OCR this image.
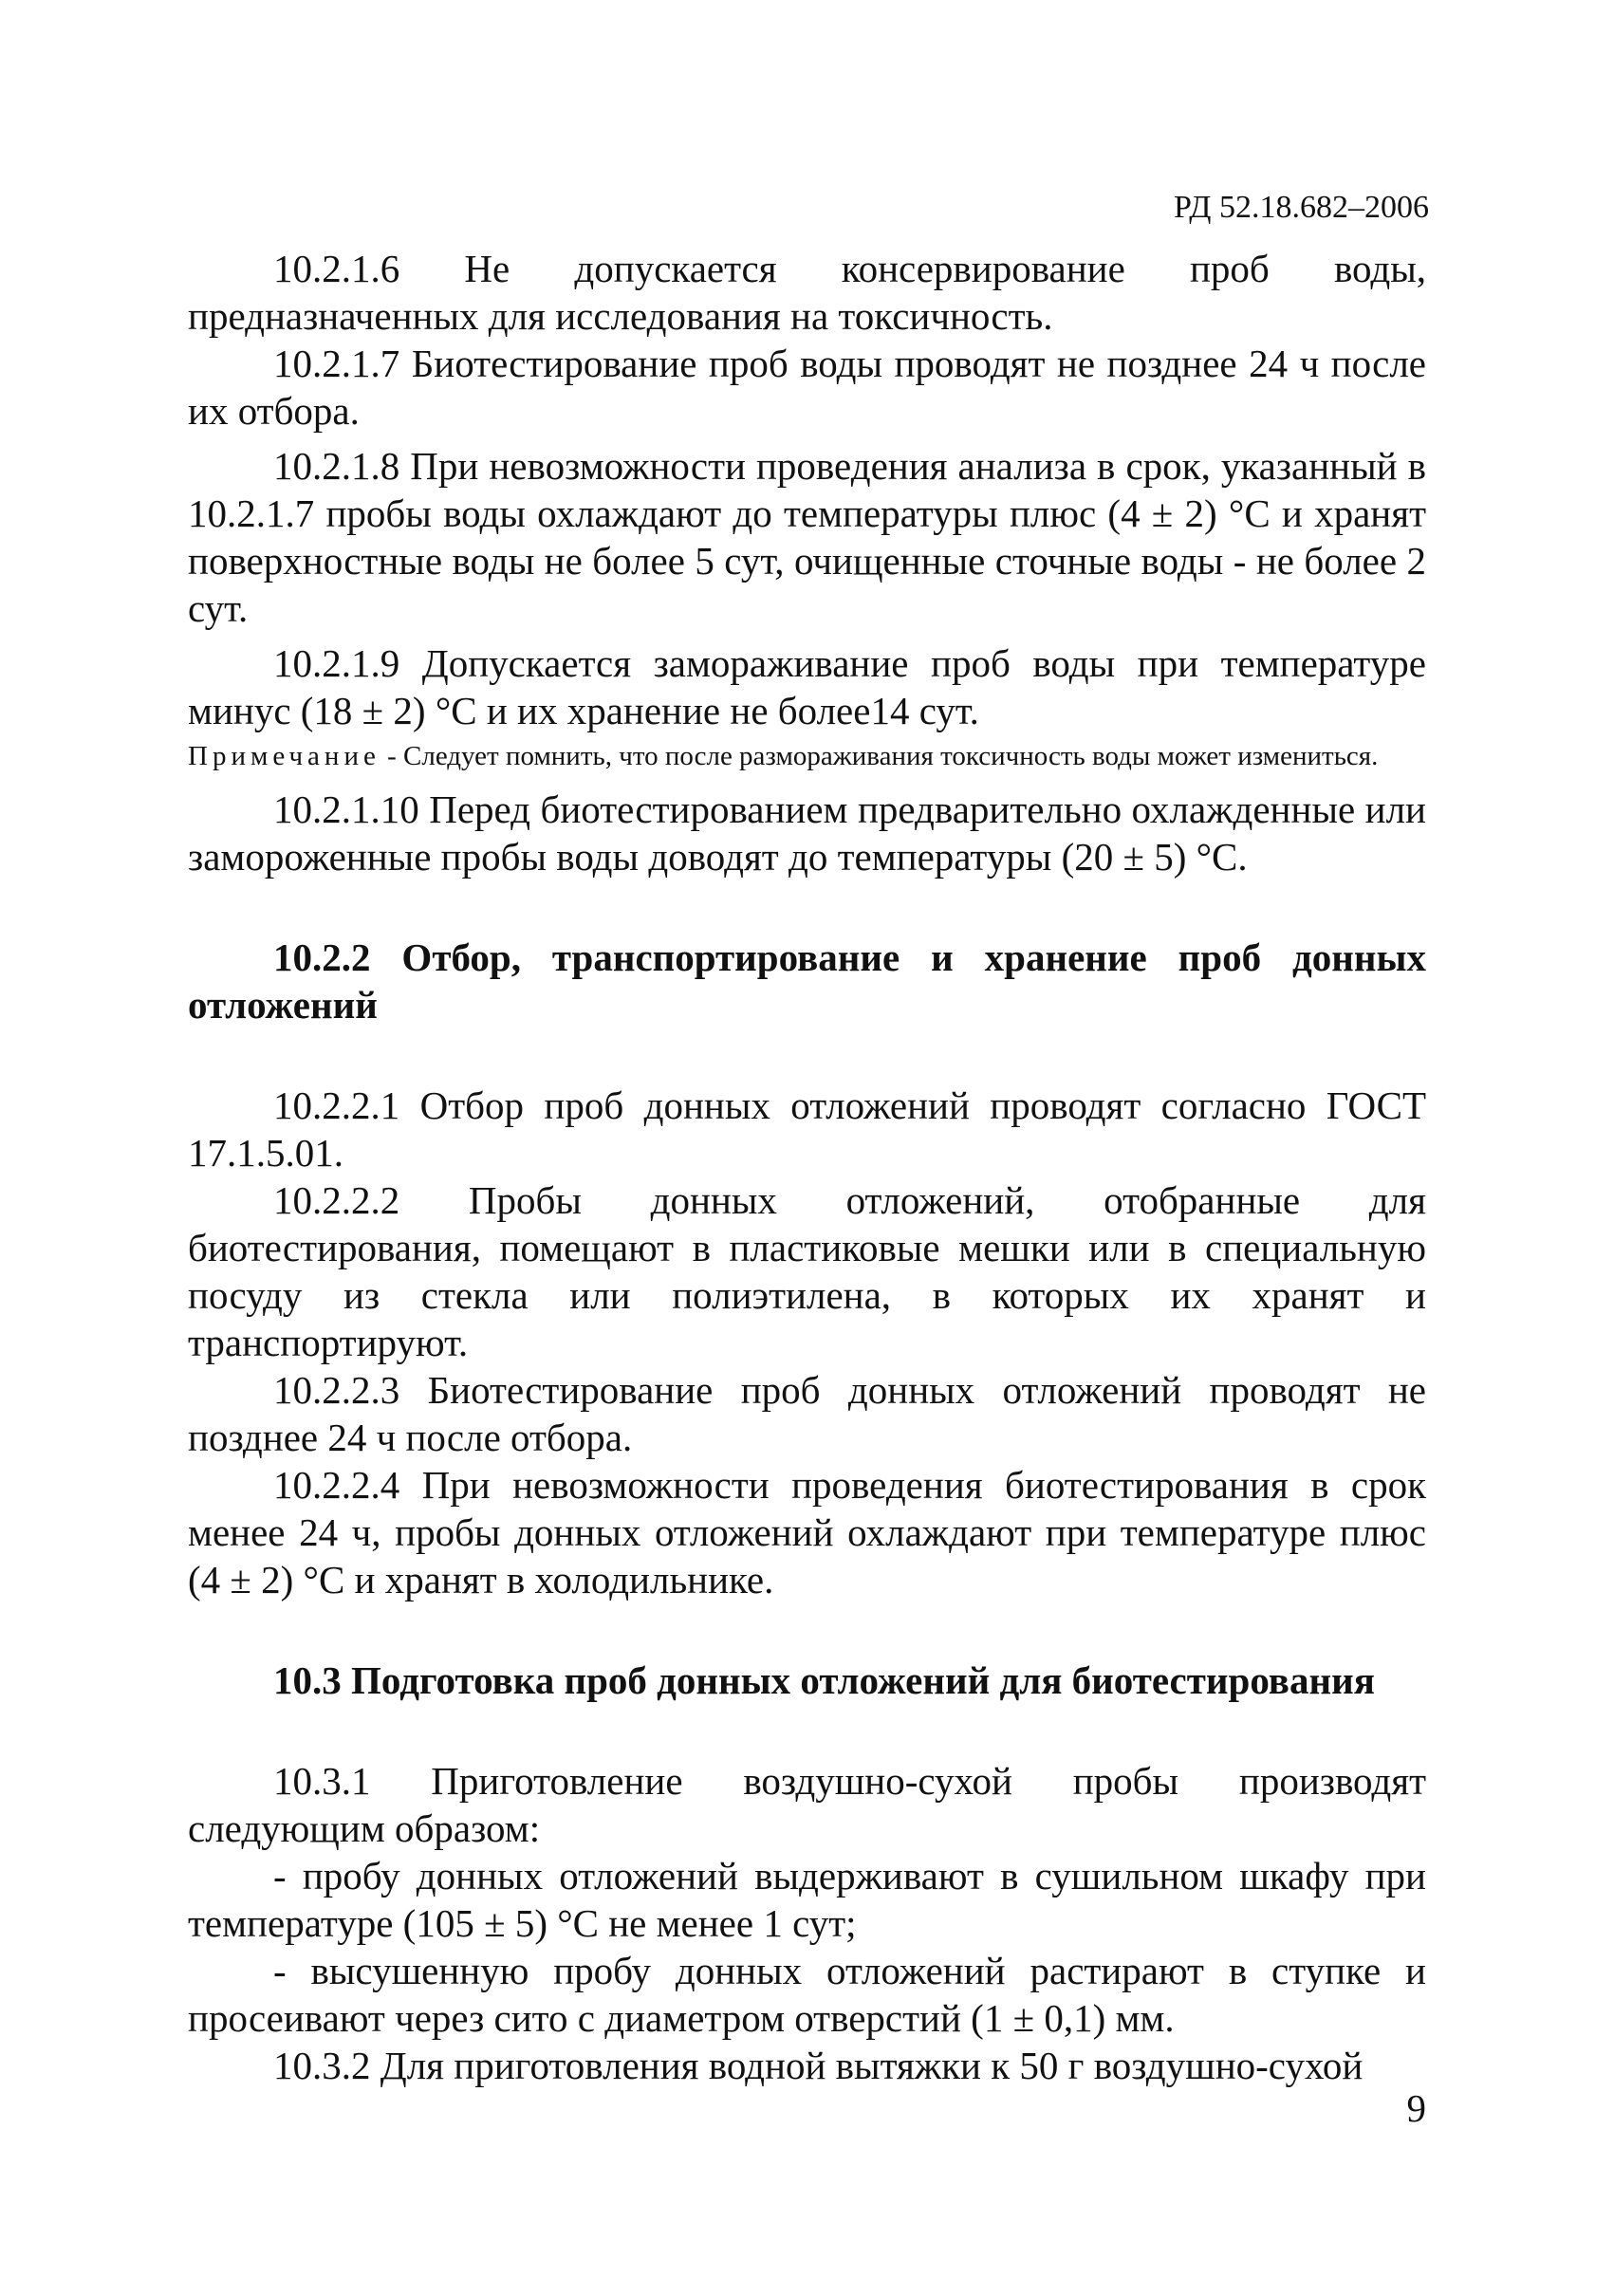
РД 52.18.682–2006

10.2.1.6 Не допускается консервирование проб воды, предназначенных для исследования на токсичность.

10.2.1.7 Биотестирование проб воды проводят не позднее 24 ч после их отбора.

10.2.1.8 При невозможности проведения анализа в срок, указанный в 10.2.1.7 пробы воды охлаждают до температуры плюс (4 ± 2) °С и хранят поверхностные воды не более 5 сут, очищенные сточные воды - не более 2 сут.

10.2.1.9 Допускается замораживание проб воды при температуре минус (18 ± 2) °С и их хранение не более14 сут.

Примечание - Следует помнить, что после размораживания токсичность воды может измениться.

10.2.1.10 Перед биотестированием предварительно охлажденные или замороженные пробы воды доводят до температуры (20 ± 5) °С.

10.2.2 Отбор, транспортирование и хранение проб донных отложений

10.2.2.1 Отбор проб донных отложений проводят согласно ГОСТ 17.1.5.01.

10.2.2.2 Пробы донных отложений, отобранные для биотестирования, помещают в пластиковые мешки или в специальную посуду из стекла или полиэтилена, в которых их хранят и транспортируют.

10.2.2.3 Биотестирование проб донных отложений проводят не позднее 24 ч после отбора.

10.2.2.4 При невозможности проведения биотестирования в срок менее 24 ч, пробы донных отложений охлаждают при температуре плюс (4 ± 2) °С и хранят в холодильнике.

10.3 Подготовка проб донных отложений для биотестирования

10.3.1 Приготовление воздушно-сухой пробы производят следующим образом:

- пробу донных отложений выдерживают в сушильном шкафу при температуре (105 ± 5) °С не менее 1 сут;

- высушенную пробу донных отложений растирают в ступке и просеивают через сито с диаметром отверстий (1 ± 0,1) мм.

10.3.2 Для приготовления водной вытяжки к 50 г воздушно-сухой

9
